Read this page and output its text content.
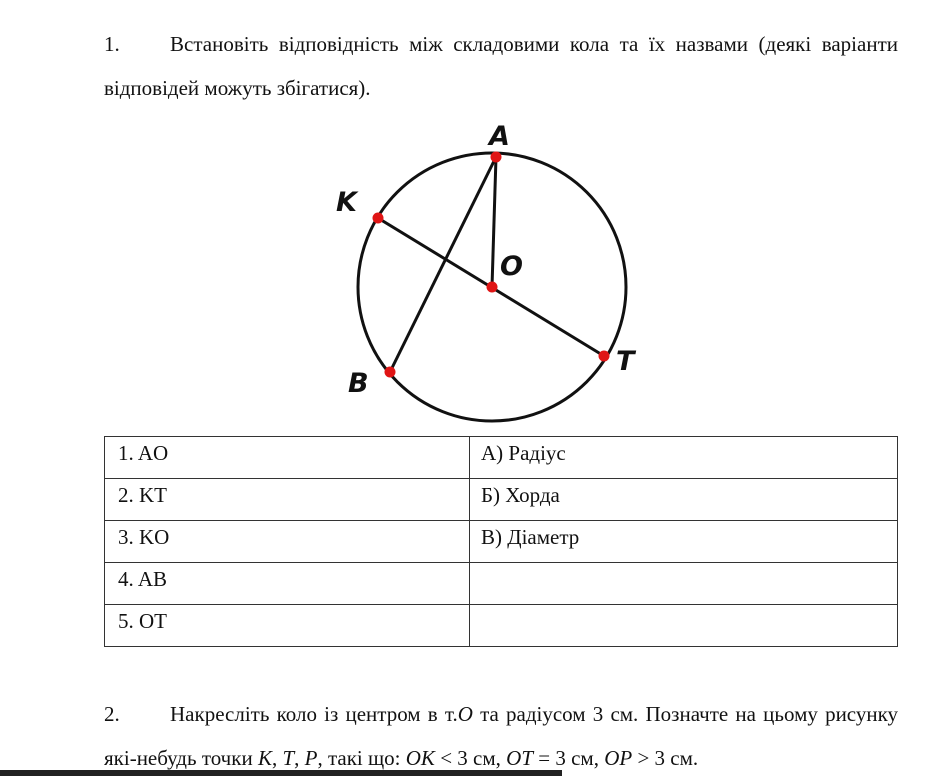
1. Встановіть відповідність між складовими кола та їх назвами (деякі варіанти відповідей можуть збігатися).
A
K
O
B
T
1. AO	А) Радіус
2. KT	Б) Хорда
3. KO	В) Діаметр
4. AB	
5. OT	
2. Накресліть коло із центром в т.O та радіусом 3 см. Позначте на цьому рисунку які-небудь точки K, T, P, такі що: OK < 3 см, OT = 3 см, OP > 3 см.
